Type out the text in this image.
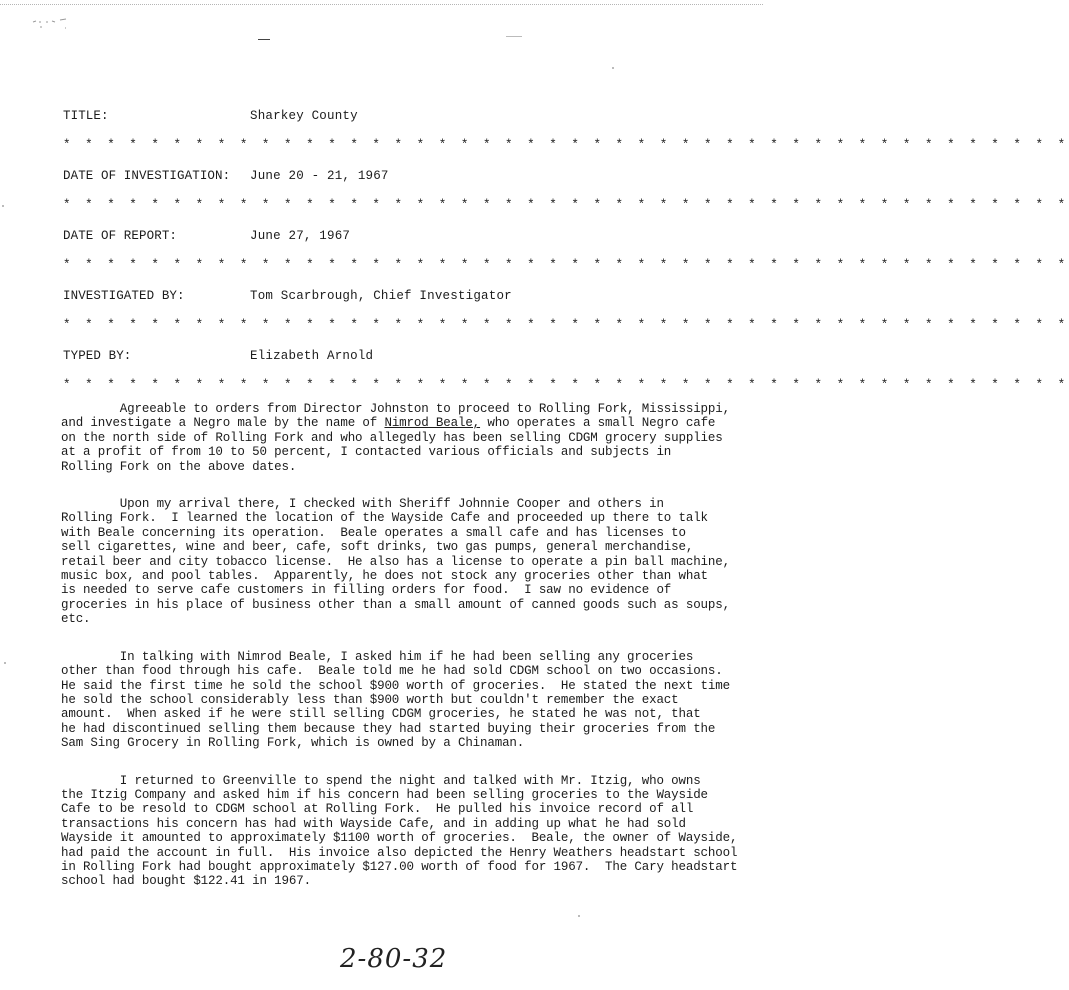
TITLE:	Sharkey County
* * * * * * * * * * * * * * * * * * * * * * * * * * * * * * * * * * * * * * * * * * * * * *
DATE OF INVESTIGATION:	June 20 - 21, 1967
* * * * * * * * * * * * * * * * * * * * * * * * * * * * * * * * * * * * * * * * * * * * * *
DATE OF REPORT:	June 27, 1967
* * * * * * * * * * * * * * * * * * * * * * * * * * * * * * * * * * * * * * * * * * * * * *
INVESTIGATED BY:	Tom Scarbrough, Chief Investigator
* * * * * * * * * * * * * * * * * * * * * * * * * * * * * * * * * * * * * * * * * * * * * *
TYPED BY:	Elizabeth Arnold
* * * * * * * * * * * * * * * * * * * * * * * * * * * * * * * * * * * * * * * * * * * * * *

Agreeable to orders from Director Johnston to proceed to Rolling Fork, Mississippi,
and investigate a Negro male by the name of Nimrod Beale, who operates a small Negro cafe
on the north side of Rolling Fork and who allegedly has been selling CDGM grocery supplies
at a profit of from 10 to 50 percent, I contacted various officials and subjects in
Rolling Fork on the above dates.

Upon my arrival there, I checked with Sheriff Johnnie Cooper and others in
Rolling Fork.  I learned the location of the Wayside Cafe and proceeded up there to talk
with Beale concerning its operation.  Beale operates a small cafe and has licenses to
sell cigarettes, wine and beer, cafe, soft drinks, two gas pumps, general merchandise,
retail beer and city tobacco license.  He also has a license to operate a pin ball machine,
music box, and pool tables.  Apparently, he does not stock any groceries other than what
is needed to serve cafe customers in filling orders for food.  I saw no evidence of
groceries in his place of business other than a small amount of canned goods such as soups,
etc.

In talking with Nimrod Beale, I asked him if he had been selling any groceries
other than food through his cafe.  Beale told me he had sold CDGM school on two occasions.
He said the first time he sold the school $900 worth of groceries.  He stated the next time
he sold the school considerably less than $900 worth but couldn't remember the exact
amount.  When asked if he were still selling CDGM groceries, he stated he was not, that
he had discontinued selling them because they had started buying their groceries from the
Sam Sing Grocery in Rolling Fork, which is owned by a Chinaman.

I returned to Greenville to spend the night and talked with Mr. Itzig, who owns
the Itzig Company and asked him if his concern had been selling groceries to the Wayside
Cafe to be resold to CDGM school at Rolling Fork.  He pulled his invoice record of all
transactions his concern has had with Wayside Cafe, and in adding up what he had sold
Wayside it amounted to approximately $1100 worth of groceries.  Beale, the owner of Wayside,
had paid the account in full.  His invoice also depicted the Henry Weathers headstart school
in Rolling Fork had bought approximately $127.00 worth of food for 1967.  The Cary headstart
school had bought $122.41 in 1967.

2-80-32
